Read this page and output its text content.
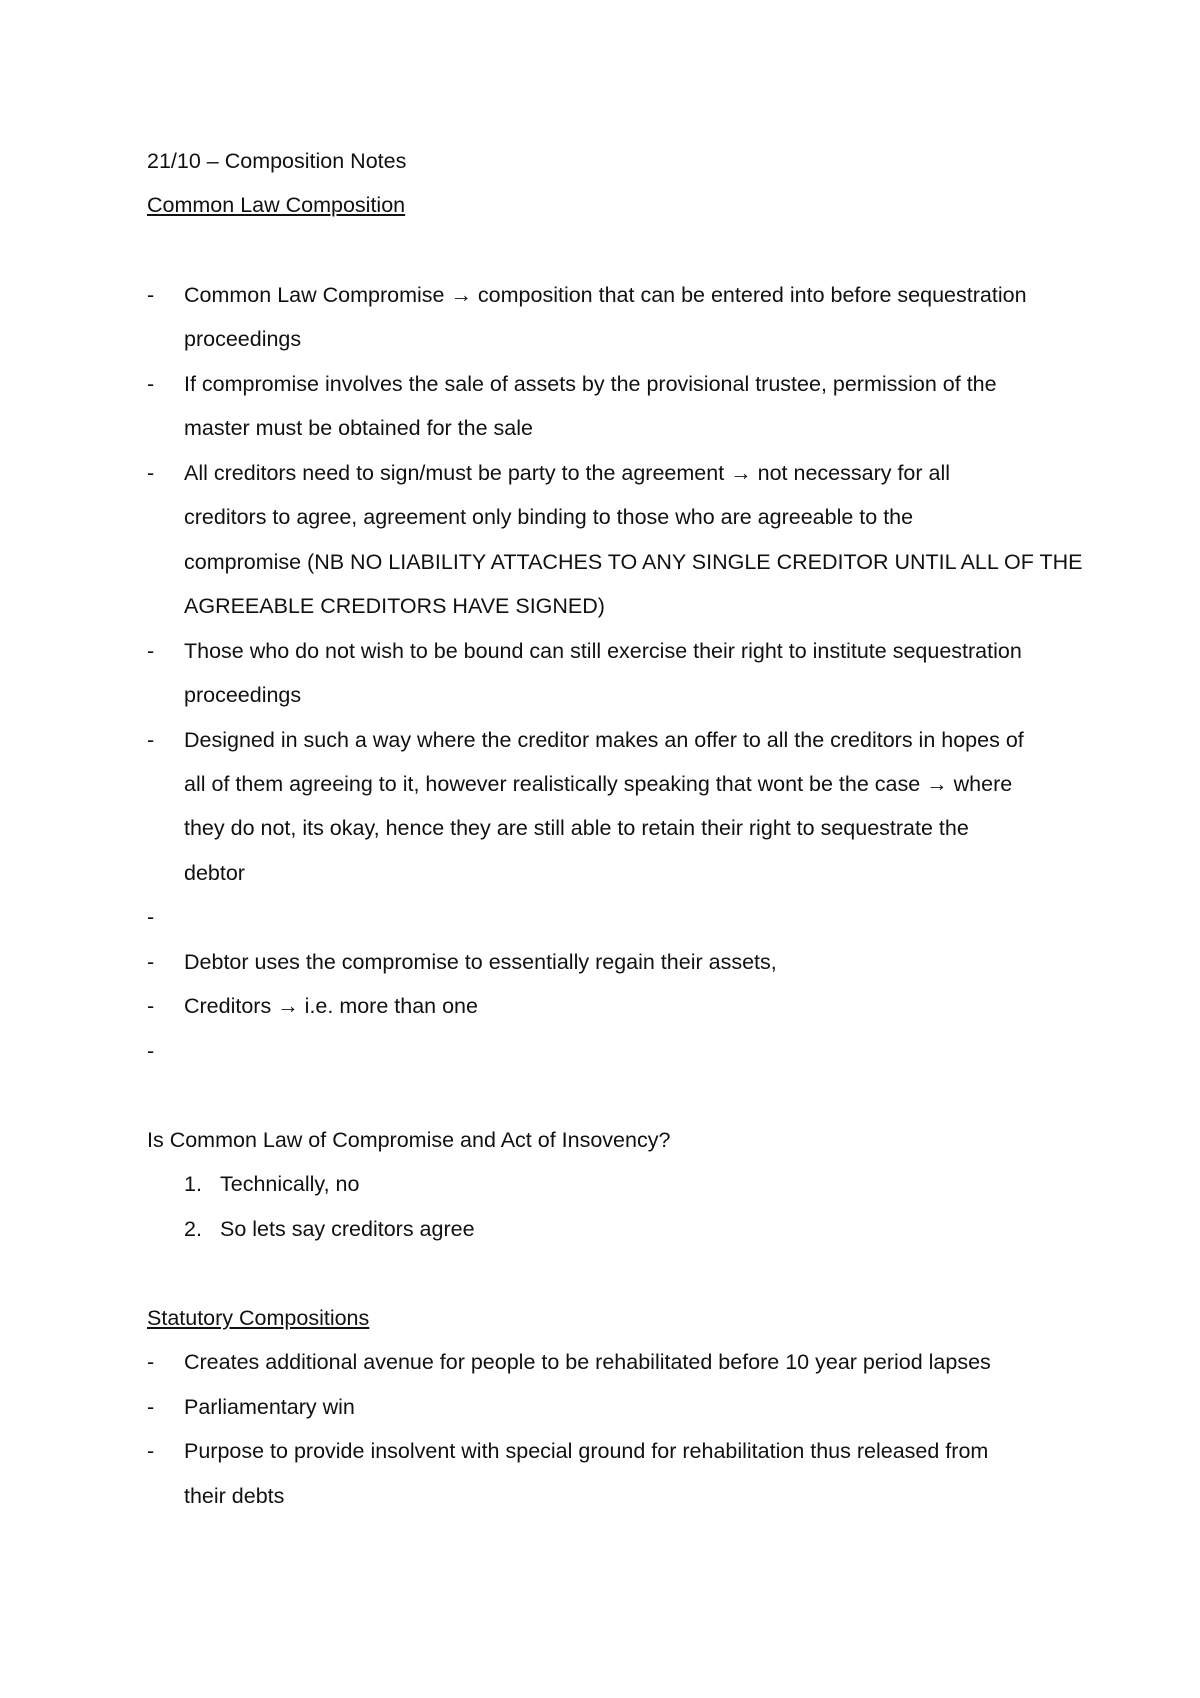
21/10 – Composition Notes
Common Law Composition
- Common Law Compromise → composition that can be entered into before sequestration
proceedings
- If compromise involves the sale of assets by the provisional trustee, permission of the
master must be obtained for the sale
- All creditors need to sign/must be party to the agreement → not necessary for all
creditors to agree, agreement only binding to those who are agreeable to the
compromise (NB NO LIABILITY ATTACHES TO ANY SINGLE CREDITOR UNTIL ALL OF THE
AGREEABLE CREDITORS HAVE SIGNED)
- Those who do not wish to be bound can still exercise their right to institute sequestration
proceedings
- Designed in such a way where the creditor makes an offer to all the creditors in hopes of
all of them agreeing to it, however realistically speaking that wont be the case → where
they do not, its okay, hence they are still able to retain their right to sequestrate the
debtor
-
- Debtor uses the compromise to essentially regain their assets,
- Creditors → i.e. more than one
-
Is Common Law of Compromise and Act of Insovency?
1. Technically, no
2. So lets say creditors agree
Statutory Compositions
- Creates additional avenue for people to be rehabilitated before 10 year period lapses
- Parliamentary win
- Purpose to provide insolvent with special ground for rehabilitation thus released from
their debts
